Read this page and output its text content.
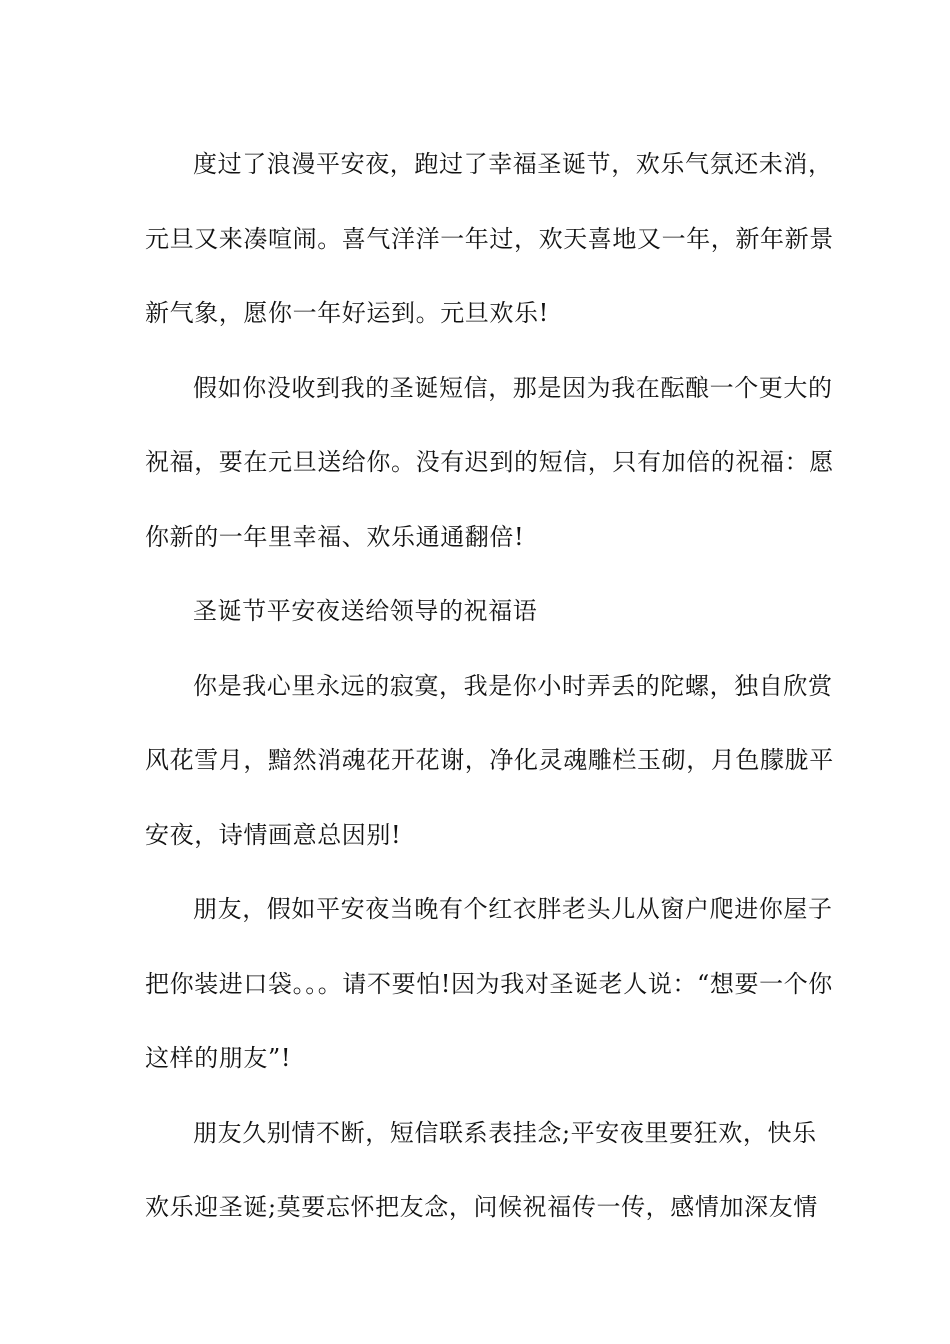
度过了浪漫平安夜，跑过了幸福圣诞节，欢乐气氛还未消，元旦又来凑喧闹。喜气洋洋一年过，欢天喜地又一年，新年新景新气象，愿你一年好运到。元旦欢乐!

假如你没收到我的圣诞短信，那是因为我在酝酿一个更大的祝福，要在元旦送给你。没有迟到的短信，只有加倍的祝福：愿你新的一年里幸福、欢乐通通翻倍!

圣诞节平安夜送给领导的祝福语

你是我心里永远的寂寞，我是你小时弄丢的陀螺，独自欣赏风花雪月，黯然消魂花开花谢，净化灵魂雕栏玉砌，月色朦胧平安夜，诗情画意总因别!

朋友，假如平安夜当晚有个红衣胖老头儿从窗户爬进你屋子把你装进口袋。。。请不要怕!因为我对圣诞老人说：“想要一个你这样的朋友”!

朋友久别情不断，短信联系表挂念;平安夜里要狂欢，快乐欢乐迎圣诞;莫要忘怀把友念，问候祝福传一传，感情加深友情
